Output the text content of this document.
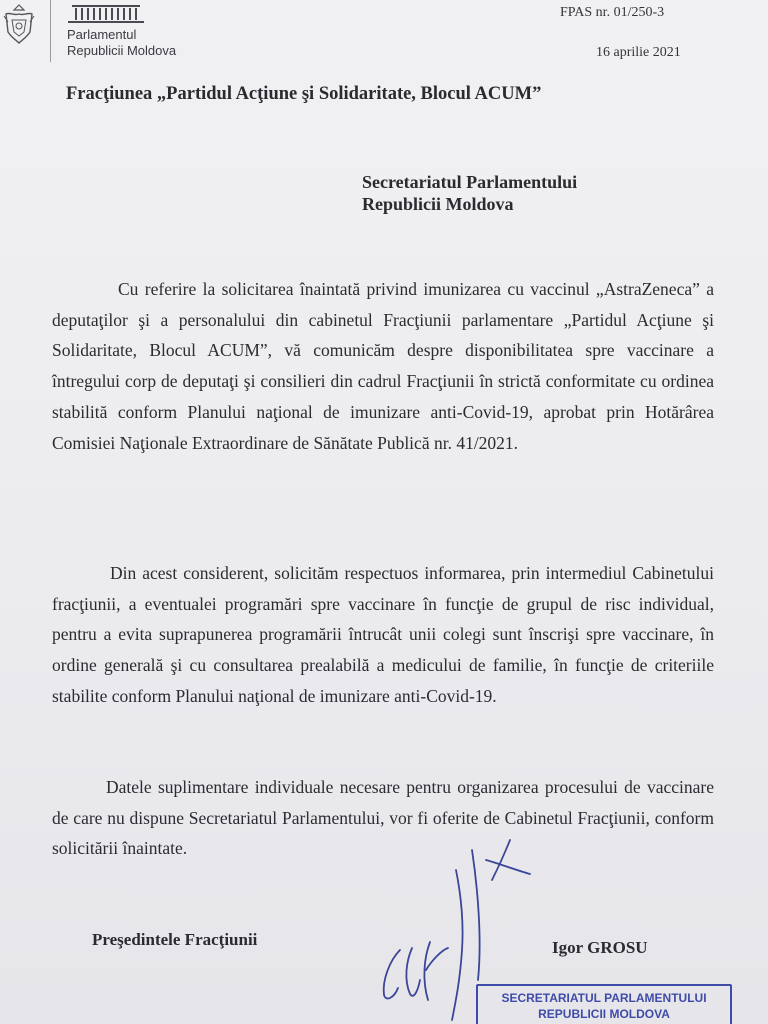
Parlamentul
Republicii Moldova
FPAS nr. 01/250-3
16 aprilie 2021
Fracţiunea „Partidul Acţiune şi Solidaritate, Blocul ACUM”
Secretariatul Parlamentului
Republicii Moldova
Cu referire la solicitarea înaintată privind imunizarea cu vaccinul „AstraZeneca” a deputaţilor şi a personalului din cabinetul Fracţiunii parlamentare „Partidul Acţiune şi Solidaritate, Blocul ACUM”, vă comunicăm despre disponibilitatea spre vaccinare a întregului corp de deputaţi şi consilieri din cadrul Fracţiunii în strictă conformitate cu ordinea stabilită conform Planului naţional de imunizare anti-Covid-19, aprobat prin Hotărârea Comisiei Naţionale Extraordinare de Sănătate Publică nr. 41/2021.
Din acest considerent, solicităm respectuos informarea, prin intermediul Cabinetului fracţiunii, a eventualei programări spre vaccinare în funcţie de grupul de risc individual, pentru a evita suprapunerea programării întrucât unii colegi sunt înscrişi spre vaccinare, în ordine generală şi cu consultarea prealabilă a medicului de familie, în funcţie de criteriile stabilite conform Planului naţional de imunizare anti-Covid-19.
Datele suplimentare individuale necesare pentru organizarea procesului de vaccinare de care nu dispune Secretariatul Parlamentului, vor fi oferite de Cabinetul Fracţiunii, conform solicitării înaintate.
Preşedintele Fracţiunii	Igor GROSU
SECRETARIATUL PARLAMENTULUI
REPUBLICII MOLDOVA
